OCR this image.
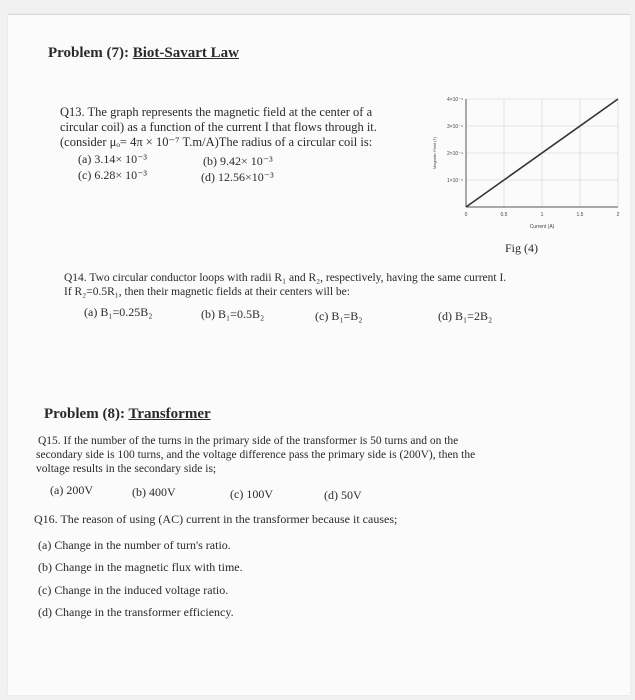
Problem (7): Biot-Savart Law
Q13. The graph represents the magnetic field at the center of a
circular coil) as a function of the current I that flows through it.
(consider μₒ= 4π × 10⁻⁷ T.m/A)The radius of a circular coil is:
(a) 3.14× 10⁻³	(b) 9.42× 10⁻³
(c) 6.28× 10⁻³	(d) 12.56×10⁻³
4×10⁻⁴
3×10⁻⁴
2×10⁻⁴
1×10⁻⁴
0	0.5	1	1.5	2
Magnetic Field (T)
Current (A)
Fig (4)
Q14. Two circular conductor loops with radii R₁ and R₂, respectively, having the same current I.
If R₂=0.5R₁, then their magnetic fields at their centers will be:
(a) B₁=0.25B₂	(b) B₁=0.5B₂	(c) B₁=B₂	(d) B₁=2B₂
Problem (8): Transformer
Q15. If the number of the turns in the primary side of the transformer is 50 turns and on the
secondary side is 100 turns, and the voltage difference pass the primary side is (200V), then the
voltage results in the secondary side is;
(a) 200V	(b) 400V	(c) 100V	(d) 50V
Q16. The reason of using (AC) current in the transformer because it causes;
(a) Change in the number of turn's ratio.
(b) Change in the magnetic flux with time.
(c) Change in the induced voltage ratio.
(d) Change in the transformer efficiency.
